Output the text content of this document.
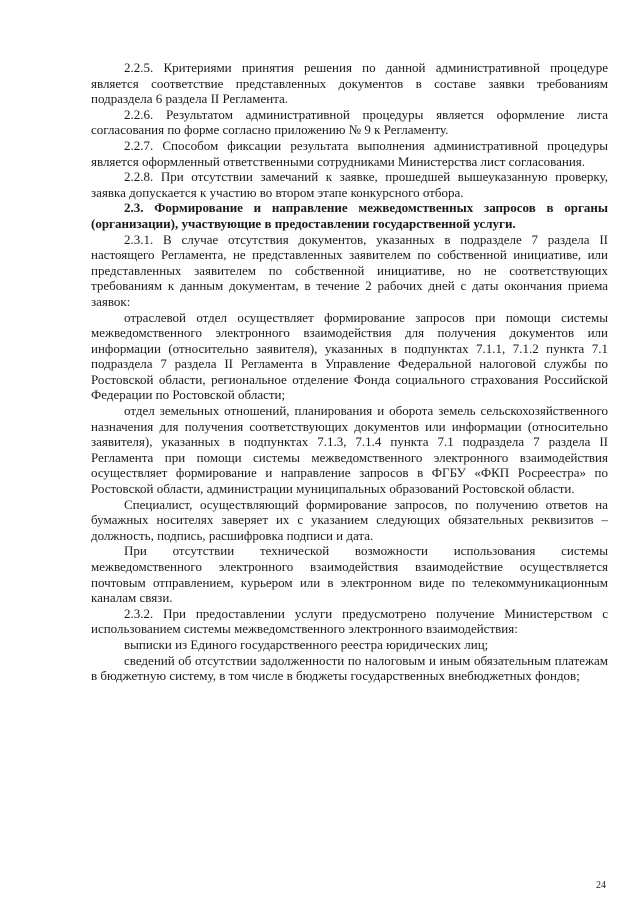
2.2.5. Критериями принятия решения по данной административной процедуре является соответствие представленных документов в составе заявки требованиям подраздела 6 раздела II Регламента.

2.2.6. Результатом административной процедуры является оформление листа согласования по форме согласно приложению № 9 к Регламенту.

2.2.7. Способом фиксации результата выполнения административной процедуры является оформленный ответственными сотрудниками Министерства лист согласования.

2.2.8. При отсутствии замечаний к заявке, прошедшей вышеуказанную проверку, заявка допускается к участию во втором этапе конкурсного отбора.

2.3. Формирование и направление межведомственных запросов в органы (организации), участвующие в предоставлении государственной услуги.

2.3.1. В случае отсутствия документов, указанных в подразделе 7 раздела II настоящего Регламента, не представленных заявителем по собственной инициативе, или представленных заявителем по собственной инициативе, но не соответствующих требованиям к данным документам, в течение 2 рабочих дней с даты окончания приема заявок:

отраслевой отдел осуществляет формирование запросов при помощи системы межведомственного электронного взаимодействия для получения документов или информации (относительно заявителя), указанных в подпунктах 7.1.1, 7.1.2 пункта 7.1 подраздела 7 раздела II Регламента в Управление Федеральной налоговой службы по Ростовской области, региональное отделение Фонда социального страхования Российской Федерации по Ростовской области;

отдел земельных отношений, планирования и оборота земель сельскохозяйственного назначения для получения соответствующих документов или информации (относительно заявителя), указанных в подпунктах 7.1.3, 7.1.4 пункта 7.1 подраздела 7 раздела II Регламента при помощи системы межведомственного электронного взаимодействия осуществляет формирование и направление запросов в ФГБУ «ФКП Росреестра» по Ростовской области, администрации муниципальных образований Ростовской области.

Специалист, осуществляющий формирование запросов, по получению ответов на бумажных носителях заверяет их с указанием следующих обязательных реквизитов – должность, подпись, расшифровка подписи и дата.

При отсутствии технической возможности использования системы межведомственного электронного взаимодействия взаимодействие осуществляется почтовым отправлением, курьером или в электронном виде по телекоммуникационным каналам связи.

2.3.2. При предоставлении услуги предусмотрено получение Министерством с использованием системы межведомственного электронного взаимодействия:

выписки из Единого государственного реестра юридических лиц;

сведений об отсутствии задолженности по налоговым и иным обязательным платежам в бюджетную систему, в том числе в бюджеты государственных внебюджетных фондов;

24
